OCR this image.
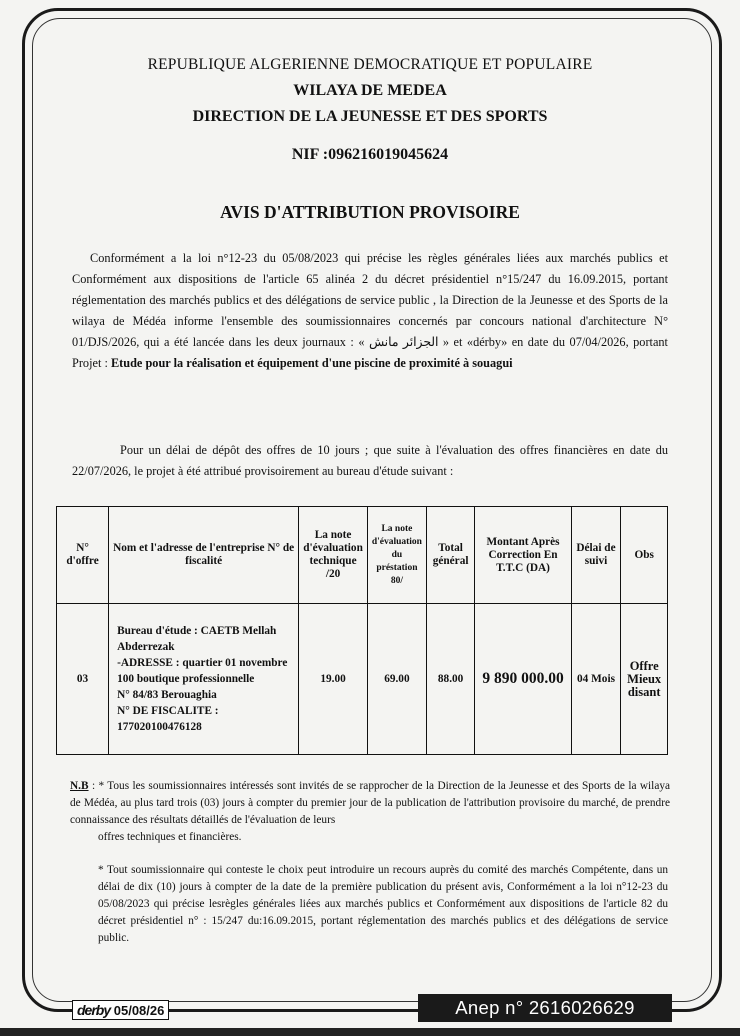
REPUBLIQUE ALGERIENNE DEMOCRATIQUE ET POPULAIRE
WILAYA DE MEDEA
DIRECTION DE LA JEUNESSE ET DES SPORTS
NIF :096216019045624
AVIS D'ATTRIBUTION PROVISOIRE
Conformément a la loi n°12-23 du 05/08/2023 qui précise les règles générales liées aux marchés publics et Conformément aux dispositions de l'article 65 alinéa 2 du décret présidentiel n°15/247 du 16.09.2015, portant réglementation des marchés publics et des délégations de service public , la Direction de la Jeunesse et des Sports de la wilaya de Médéa informe l'ensemble des soumissionnaires concernés par concours national d'architecture N° 01/DJS/2026, qui a été lancée dans les deux journaux : « الجزائر مانش » et «dérby» en date du 07/04/2026, portant Projet : Etude pour la réalisation et équipement d'une piscine de proximité à souagui
Pour un délai de dépôt des offres de 10 jours ; que suite à l'évaluation des offres financières en date du 22/07/2026, le projet à été attribué provisoirement au bureau d'étude suivant :
N° d'offre	Nom et l'adresse de l'entreprise N° de fiscalité	La note d'évaluation technique /20	La note d'évaluation du préstation 80/	Total général	Montant Après Correction En T.T.C (DA)	Délai de suivi	Obs
03	Bureau d'étude : CAETB Mellah Abderrezak
-ADRESSE : quartier 01 novembre 100 boutique professionnelle
N° 84/83 Berouaghia
N° DE FISCALITE :
177020100476128	19.00	69.00	88.00	9 890 000.00	04 Mois	Offre Mieux disant
N.B : * Tous les soumissionnaires intéressés sont invités de se rapprocher de la Direction de la Jeunesse et des Sports de la wilaya de Médéa, au plus tard trois (03) jours à compter du premier jour de la publication de l'attribution provisoire du marché, de prendre connaissance des résultats détaillés de l'évaluation de leurs
offres techniques et financières.
* Tout soumissionnaire qui conteste le choix peut introduire un recours auprès du comité des marchés Compétente, dans un délai de dix (10) jours à compter de la date de la première publication du présent avis, Conformément a la loi n°12-23 du 05/08/2023 qui précise lesrègles générales liées aux marchés publics et Conformément aux dispositions de l'article 82 du décret présidentiel n° : 15/247 du:16.09.2015, portant réglementation des marchés publics et des délégations de service public.
derby 05/08/26	Anep n° 2616026629
